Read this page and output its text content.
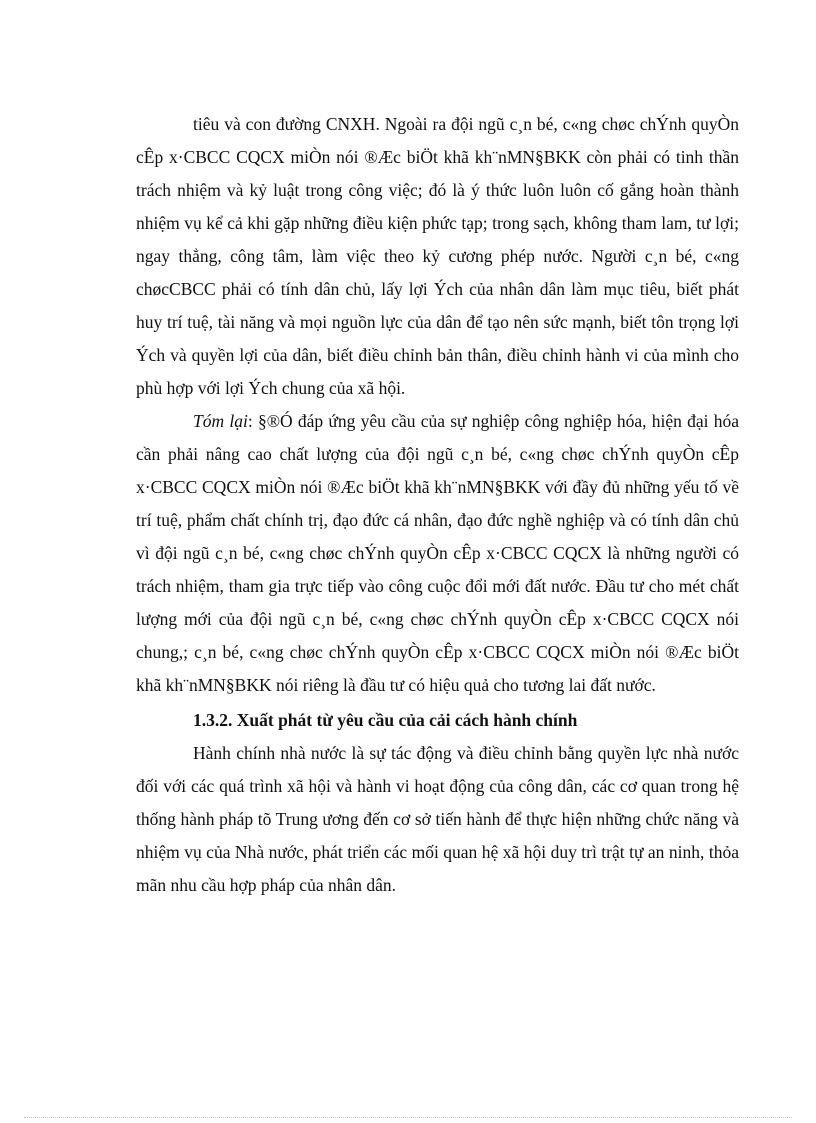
tiêu và con đường CNXH. Ngoài ra đội ngũ c¸n bé, c«ng chøc chÝnh quyÒn cÊp x·CBCC CQCX miÒn nói ®Æc biÖt khã kh¨nMN§BKK còn phải có tinh thần trách nhiệm và kỷ luật trong công việc; đó là ý thức luôn luôn cố gắng hoàn thành nhiệm vụ kể cả khi gặp những điều kiện phức tạp; trong sạch, không tham lam, tư lợi; ngay thẳng, công tâm, làm việc theo kỷ cương phép nước. Người c¸n bé, c«ng chøcCBCC phải có tính dân chủ, lấy lợi Ých của nhân dân làm mục tiêu, biết phát huy trí tuệ, tài năng và mọi nguồn lực của dân để tạo nên sức mạnh, biết tôn trọng lợi Ých và quyền lợi của dân, biết điều chỉnh bản thân, điều chỉnh hành vi của mình cho phù hợp với lợi Ých chung của xã hội.

Tóm lại: §®Ó đáp ứng yêu cầu của sự nghiệp công nghiệp hóa, hiện đại hóa cần phải nâng cao chất lượng của đội ngũ c¸n bé, c«ng chøc chÝnh quyÒn cÊp x·CBCC CQCX miÒn nói ®Æc biÖt khã kh¨nMN§BKK với đầy đủ những yếu tố về trí tuệ, phẩm chất chính trị, đạo đức cá nhân, đạo đức nghề nghiệp và có tính dân chủ vì đội ngũ c¸n bé, c«ng chøc chÝnh quyÒn cÊp x·CBCC CQCX là những người có trách nhiệm, tham gia trực tiếp vào công cuộc đổi mới đất nước. Đầu tư cho mét chất lượng mới của đội ngũ c¸n bé, c«ng chøc chÝnh quyÒn cÊp x·CBCC CQCX nói chung,; c¸n bé, c«ng chøc chÝnh quyÒn cÊp x·CBCC CQCX miÒn nói ®Æc biÖt khã kh¨nMN§BKK nói riêng là đầu tư có hiệu quả cho tương lai đất nước.

1.3.2. Xuất phát từ yêu cầu của cải cách hành chính

Hành chính nhà nước là sự tác động và điều chỉnh bằng quyền lực nhà nước đối với các quá trình xã hội và hành vi hoạt động của công dân, các cơ quan trong hệ thống hành pháp tõ Trung ương đến cơ sở tiến hành để thực hiện những chức năng và nhiệm vụ của Nhà nước, phát triển các mối quan hệ xã hội duy trì trật tự an ninh, thỏa mãn nhu cầu hợp pháp của nhân dân.
